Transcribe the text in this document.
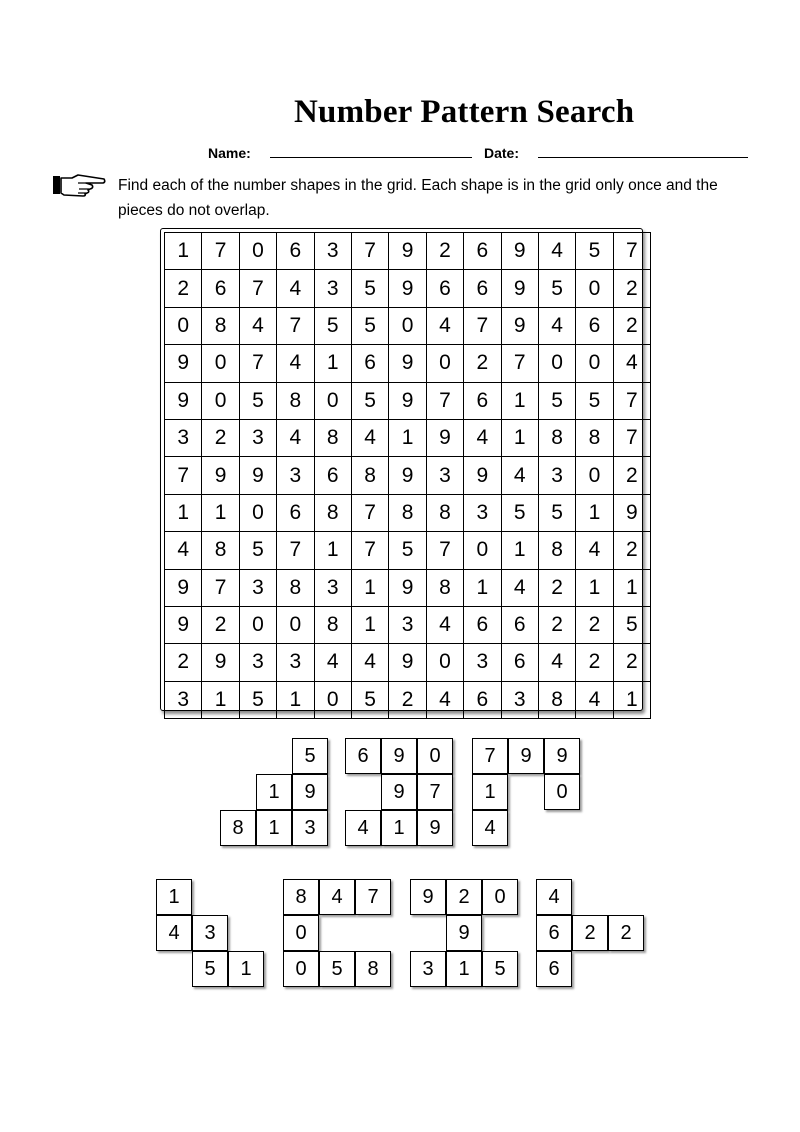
Number Pattern Search
Name:	Date:
Find each of the number shapes in the grid. Each shape is in the grid only once and the pieces do not overlap.
1	7	0	6	3	7	9	2	6	9	4	5	7
2	6	7	4	3	5	9	6	6	9	5	0	2
0	8	4	7	5	5	0	4	7	9	4	6	2
9	0	7	4	1	6	9	0	2	7	0	0	4
9	0	5	8	0	5	9	7	6	1	5	5	7
3	2	3	4	8	4	1	9	4	1	8	8	7
7	9	9	3	6	8	9	3	9	4	3	0	2
1	1	0	6	8	7	8	8	3	5	5	1	9
4	8	5	7	1	7	5	7	0	1	8	4	2
9	7	3	8	3	1	9	8	1	4	2	1	1
9	2	0	0	8	1	3	4	6	6	2	2	5
2	9	3	3	4	4	9	0	3	6	4	2	2
3	1	5	1	0	5	2	4	6	3	8	4	1
5
1	9
8	1	3
6	9	0
9	7
4	1	9
7	9	9
1	0
4
1
4	3
5	1
8	4	7
0
0	5	8
9	2	0
9
3	1	5
4
6	2	2
6
